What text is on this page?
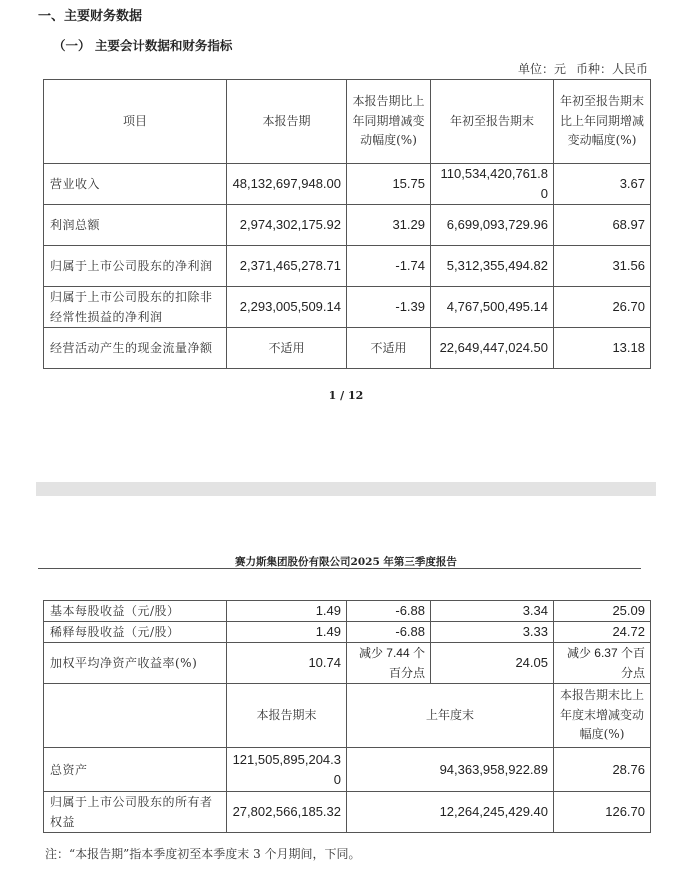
一、主要财务数据
（一） 主要会计数据和财务指标
单位：元 币种：人民币
项目	本报告期	本报告期比上年同期增减变动幅度(%)	年初至报告期末	年初至报告期末比上年同期增减变动幅度(%)
营业收入	48,132,697,948.00	15.75	110,534,420,761.80	3.67
利润总额	2,974,302,175.92	31.29	6,699,093,729.96	68.97
归属于上市公司股东的净利润	2,371,465,278.71	-1.74	5,312,355,494.82	31.56
归属于上市公司股东的扣除非经常性损益的净利润	2,293,005,509.14	-1.39	4,767,500,495.14	26.70
经营活动产生的现金流量净额	不适用	不适用	22,649,447,024.50	13.18
1 / 12
赛力斯集团股份有限公司2025 年第三季度报告
基本每股收益（元/股）	1.49	-6.88	3.34	25.09
稀释每股收益（元/股）	1.49	-6.88	3.33	24.72
加权平均净资产收益率(%)	10.74	减少 7.44 个百分点	24.05	减少 6.37 个百分点
	本报告期末	上年度末		本报告期末比上年度末增减变动幅度(%)
总资产	121,505,895,204.30	94,363,958,922.89		28.76
归属于上市公司股东的所有者权益	27,802,566,185.32	12,264,245,429.40		126.70
注：“本报告期”指本季度初至本季度末 3 个月期间，下同。
